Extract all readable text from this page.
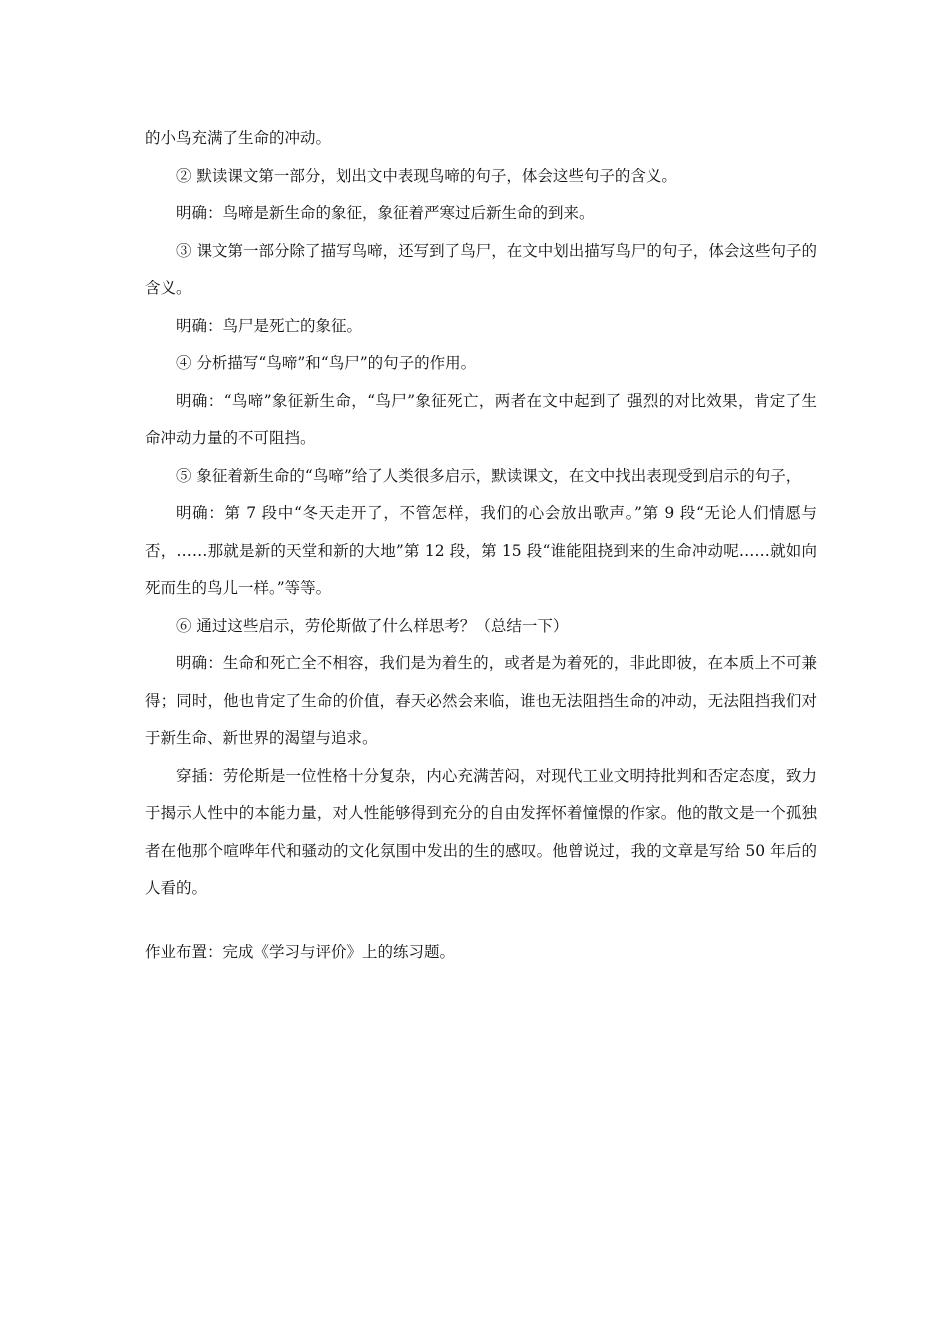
的小鸟充满了生命的冲动。

② 默读课文第一部分，划出文中表现鸟啼的句子，体会这些句子的含义。

明确：鸟啼是新生命的象征，象征着严寒过后新生命的到来。

③ 课文第一部分除了描写鸟啼，还写到了鸟尸，在文中划出描写鸟尸的句子，体会这些句子的含义。

明确：鸟尸是死亡的象征。

④ 分析描写“鸟啼”和“鸟尸”的句子的作用。

明确：“鸟啼”象征新生命，“鸟尸”象征死亡，两者在文中起到了 强烈的对比效果，肯定了生命冲动力量的不可阻挡。

⑤ 象征着新生命的“鸟啼”给了人类很多启示，默读课文，在文中找出表现受到启示的句子，

明确：第 7 段中“冬天走开了，不管怎样，我们的心会放出歌声。”第 9 段“无论人们情愿与否，……那就是新的天堂和新的大地”第 12 段，第 15 段“谁能阻挠到来的生命冲动呢……就如向死而生的鸟儿一样。”等等。

⑥ 通过这些启示，劳伦斯做了什么样思考？（总结一下）

明确：生命和死亡全不相容，我们是为着生的，或者是为着死的，非此即彼，在本质上不可兼得；同时，他也肯定了生命的价值，春天必然会来临，谁也无法阻挡生命的冲动，无法阻挡我们对于新生命、新世界的渴望与追求。

穿插：劳伦斯是一位性格十分复杂，内心充满苦闷，对现代工业文明持批判和否定态度，致力于揭示人性中的本能力量，对人性能够得到充分的自由发挥怀着憧憬的作家。他的散文是一个孤独者在他那个喧哗年代和骚动的文化氛围中发出的生的感叹。他曾说过，我的文章是写给 50 年后的人看的。

作业布置：完成《学习与评价》上的练习题。
